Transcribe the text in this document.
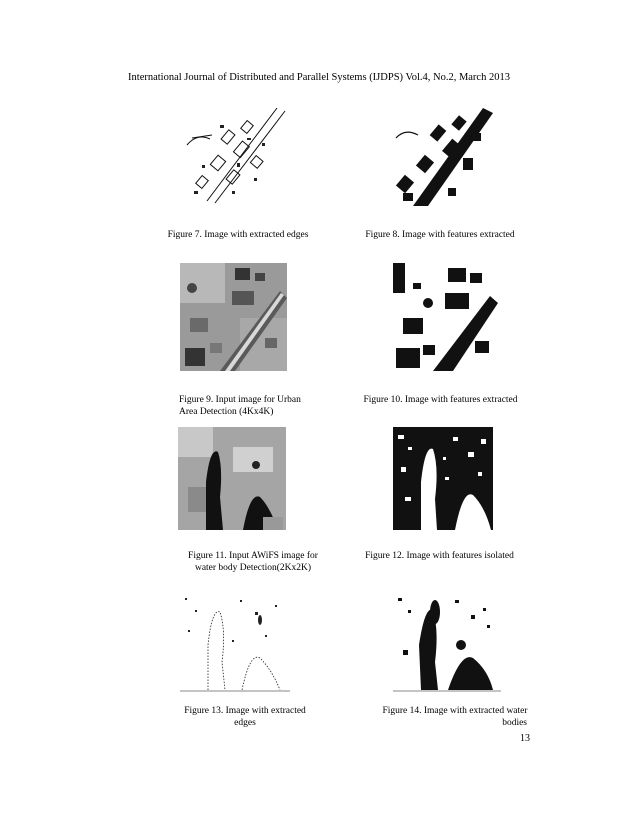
International Journal of Distributed and Parallel Systems (IJDPS) Vol.4, No.2, March 2013
Figure 7. Image with extracted edges	Figure 8. Image with features extracted
Figure 9. Input image for Urban
Area Detection (4Kx4K)
Figure 10. Image with features extracted
Figure 11. Input AWiFS image for
water body Detection(2Kx2K)
Figure 12. Image with features isolated
Figure 13. Image with extracted
edges
Figure 14. Image with extracted water
bodies
13
